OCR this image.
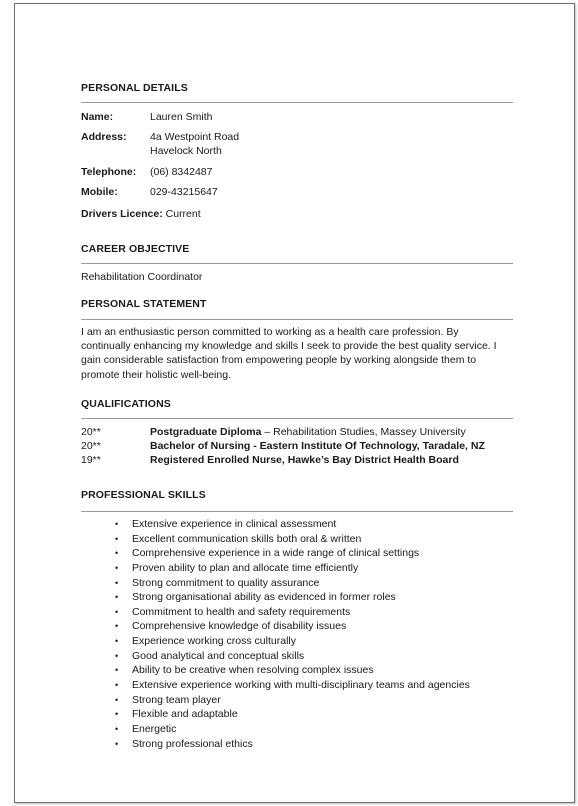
PERSONAL DETAILS
Name:	Lauren Smith
Address: 4a Westpoint Road
Havelock North
Telephone: (06) 8342487
Mobile:	029-43215647
Drivers Licence: Current
CAREER OBJECTIVE
Rehabilitation Coordinator
PERSONAL STATEMENT
I am an enthusiastic person committed to working as a health care profession. By
continually enhancing my knowledge and skills I seek to provide the best quality service. I
gain considerable satisfaction from empowering people by working alongside them to
promote their holistic well-being.
QUALIFICATIONS
20**	Postgraduate Diploma – Rehabilitation Studies, Massey University
20**	Bachelor of Nursing - Eastern Institute Of Technology, Taradale, NZ
19**	Registered Enrolled Nurse, Hawke’s Bay District Health Board
PROFESSIONAL SKILLS
• Extensive experience in clinical assessment
• Excellent communication skills both oral & written
• Comprehensive experience in a wide range of clinical settings
• Proven ability to plan and allocate time efficiently
• Strong commitment to quality assurance
• Strong organisational ability as evidenced in former roles
• Commitment to health and safety requirements
• Comprehensive knowledge of disability issues
• Experience working cross culturally
• Good analytical and conceptual skills
• Ability to be creative when resolving complex issues
• Extensive experience working with multi-disciplinary teams and agencies
• Strong team player
• Flexible and adaptable
• Energetic
• Strong professional ethics
